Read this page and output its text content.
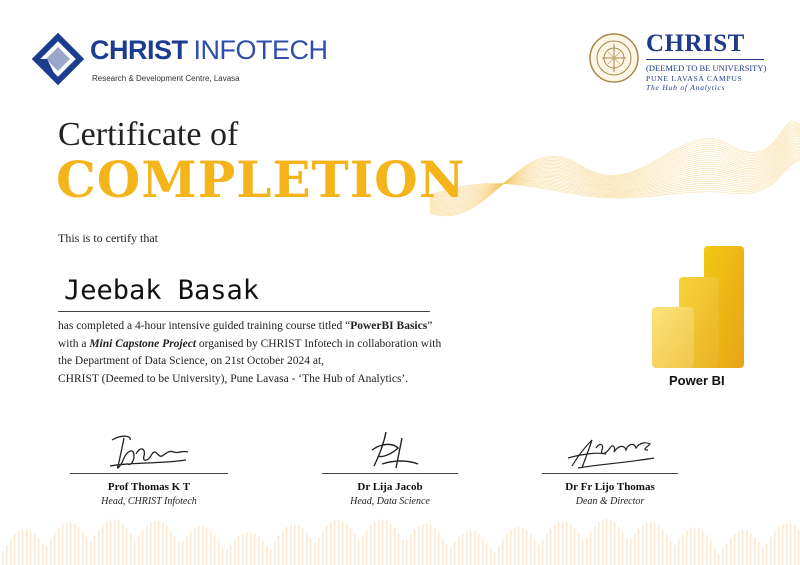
CHRIST INFOTECH
Research & Development Centre, Lavasa
CHRIST
(DEEMED TO BE UNIVERSITY)
PUNE LAVASA CAMPUS
The Hub of Analytics
Certificate of
COMPLETION
This is to certify that
Jeebak Basak
has completed a 4-hour intensive guided training course titled “PowerBI Basics”
with a Mini Capstone Project organised by CHRIST Infotech in collaboration with
the Department of Data Science, on 21st October 2024 at,
CHRIST (Deemed to be University), Pune Lavasa - ‘The Hub of Analytics’.	Power BI
Prof Thomas K T
Head, CHRIST Infotech
Dr Lija Jacob
Head, Data Science
Dr Fr Lijo Thomas
Dean & Director
